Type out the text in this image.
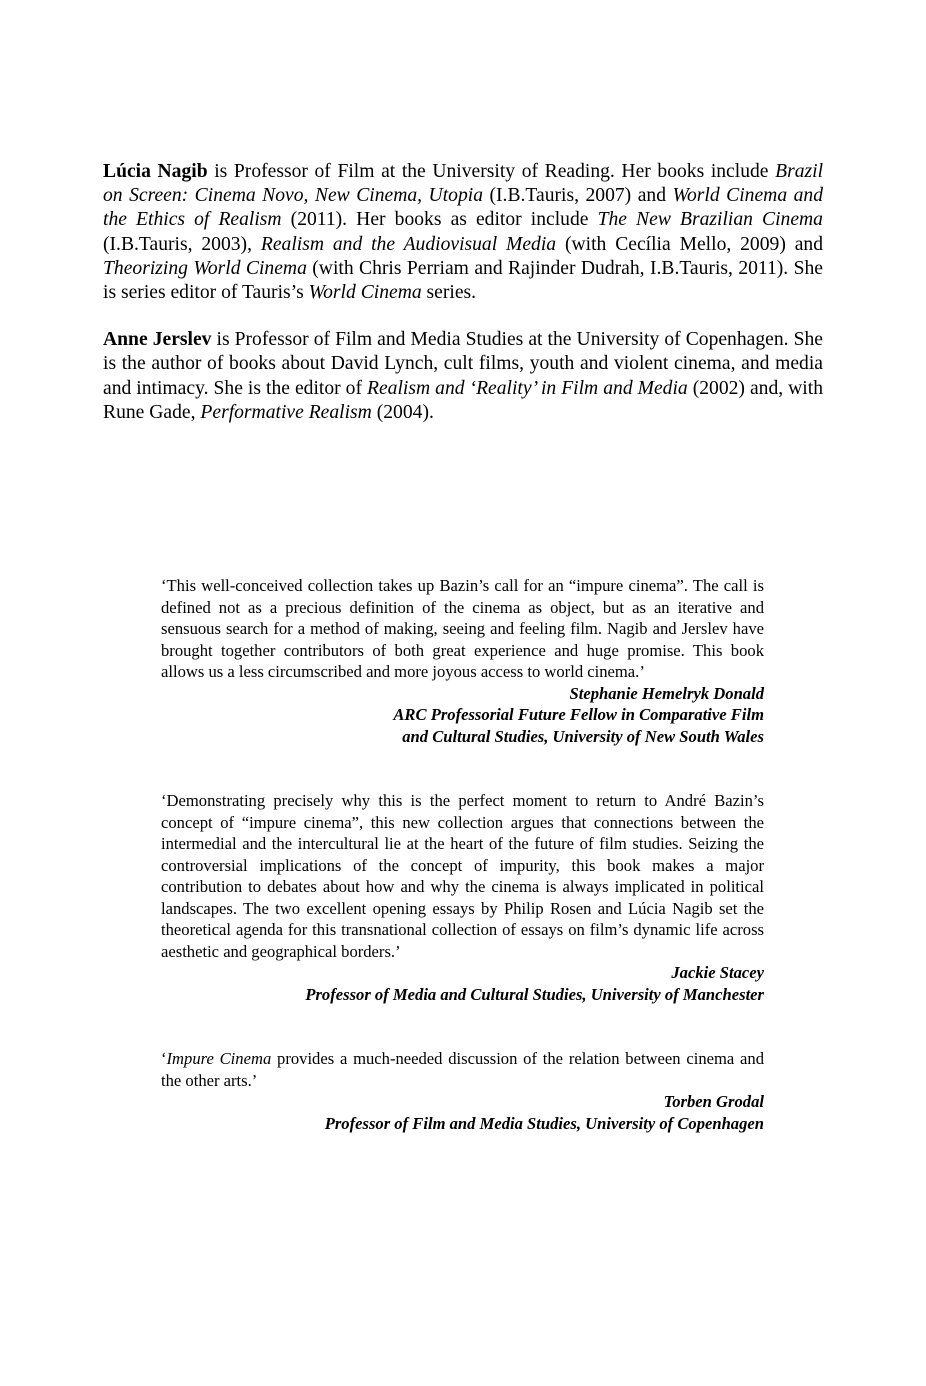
Lúcia Nagib is Professor of Film at the University of Reading. Her books include Brazil on Screen: Cinema Novo, New Cinema, Utopia (I.B.Tauris, 2007) and World Cinema and the Ethics of Realism (2011). Her books as editor include The New Brazilian Cinema (I.B.Tauris, 2003), Realism and the Audiovisual Media (with Cecília Mello, 2009) and Theorizing World Cinema (with Chris Perriam and Rajinder Dudrah, I.B.Tauris, 2011). She is series editor of Tauris’s World Cinema series.

Anne Jerslev is Professor of Film and Media Studies at the University of Copenhagen. She is the author of books about David Lynch, cult films, youth and violent cinema, and media and intimacy. She is the editor of Realism and ‘Reality’ in Film and Media (2002) and, with Rune Gade, Performative Realism (2004).

‘This well-conceived collection takes up Bazin’s call for an “impure cinema”. The call is defined not as a precious definition of the cinema as object, but as an iterative and sensuous search for a method of making, seeing and feeling film. Nagib and Jerslev have brought together contributors of both great experience and huge promise. This book allows us a less circumscribed and more joyous access to world cinema.’

Stephanie Hemelryk Donald
ARC Professorial Future Fellow in Comparative Film
and Cultural Studies, University of New South Wales

‘Demonstrating precisely why this is the perfect moment to return to André Bazin’s concept of “impure cinema”, this new collection argues that connections between the intermedial and the intercultural lie at the heart of the future of film studies. Seizing the controversial implications of the concept of impurity, this book makes a major contribution to debates about how and why the cinema is always implicated in political landscapes. The two excellent opening essays by Philip Rosen and Lúcia Nagib set the theoretical agenda for this transnational collection of essays on film’s dynamic life across aesthetic and geographical borders.’

Jackie Stacey
Professor of Media and Cultural Studies, University of Manchester

‘Impure Cinema provides a much-needed discussion of the relation between cinema and the other arts.’

Torben Grodal
Professor of Film and Media Studies, University of Copenhagen
